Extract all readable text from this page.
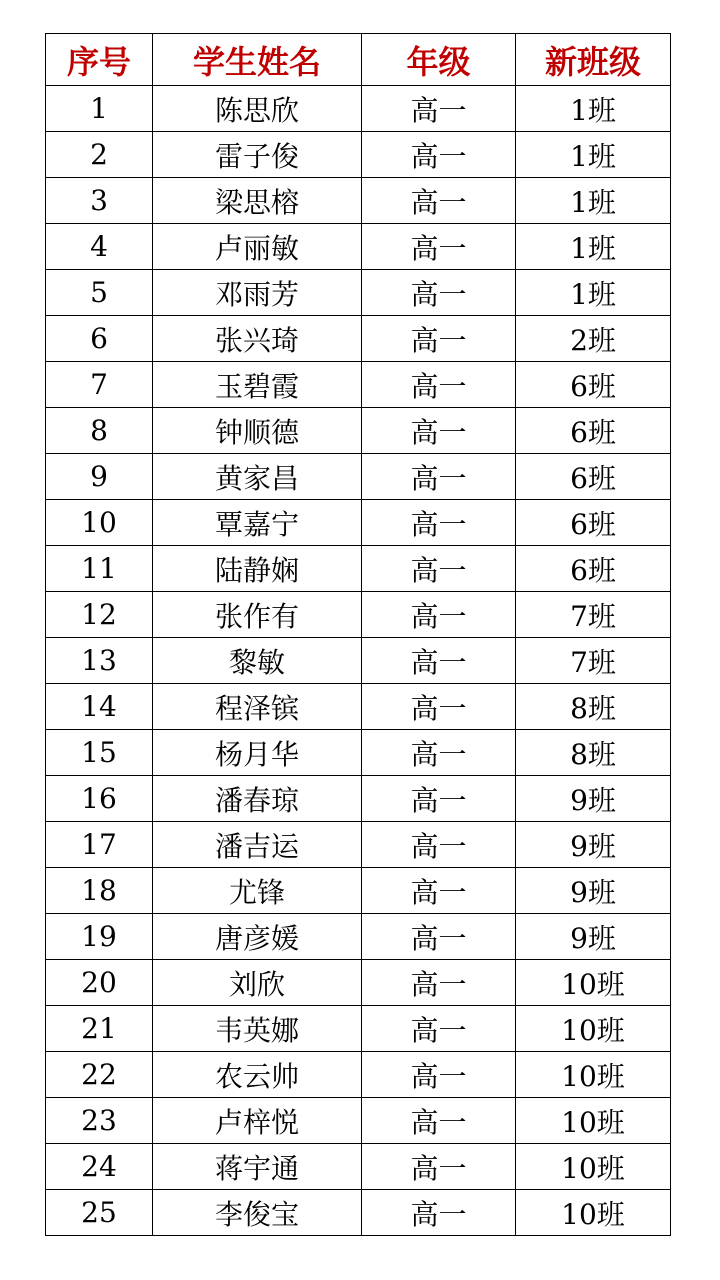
序号	学生姓名	年级	新班级
1	陈思欣	高一	1班
2	雷子俊	高一	1班
3	梁思榕	高一	1班
4	卢丽敏	高一	1班
5	邓雨芳	高一	1班
6	张兴琦	高一	2班
7	玉碧霞	高一	6班
8	钟顺德	高一	6班
9	黄家昌	高一	6班
10	覃嘉宁	高一	6班
11	陆静娴	高一	6班
12	张作有	高一	7班
13	黎敏	高一	7班
14	程泽镔	高一	8班
15	杨月华	高一	8班
16	潘春琼	高一	9班
17	潘吉运	高一	9班
18	尤锋	高一	9班
19	唐彦媛	高一	9班
20	刘欣	高一	10班
21	韦英娜	高一	10班
22	农云帅	高一	10班
23	卢梓悦	高一	10班
24	蒋宇通	高一	10班
25	李俊宝	高一	10班
